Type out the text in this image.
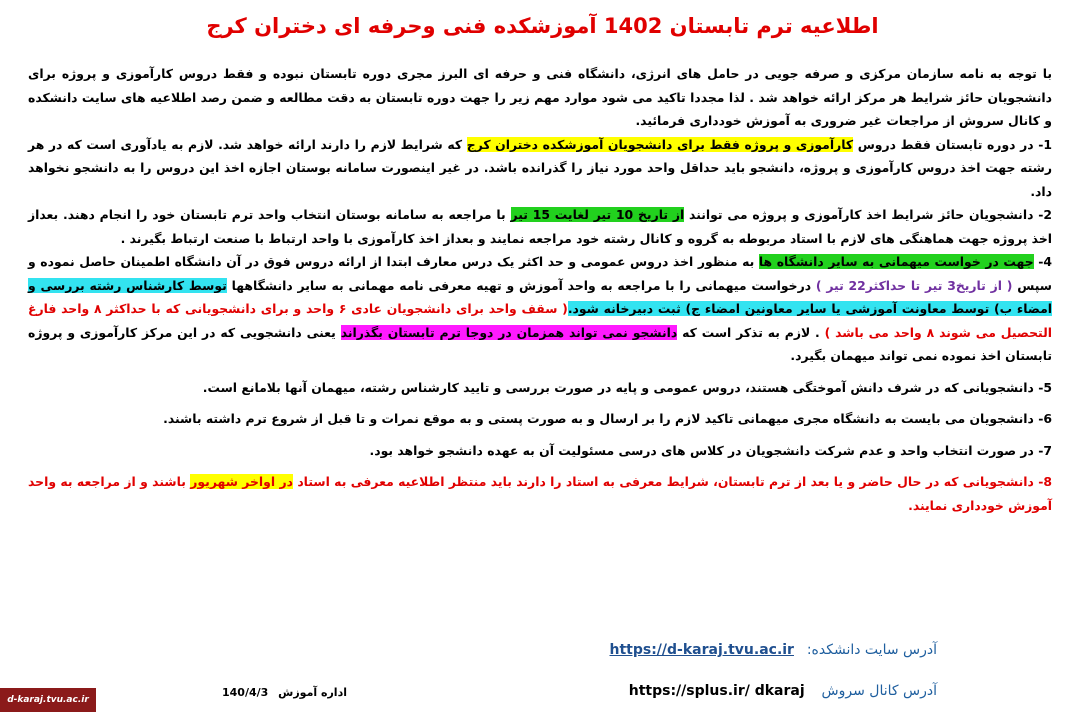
اطلاعیه ترم تابستان 1402 آموزشکده فنی وحرفه ای دختران کرج

با توجه به نامه سازمان مرکزی و صرفه جویی در حامل های انرژی، دانشگاه فنی و حرفه ای البرز مجری دوره تابستان نبوده و فقط دروس کارآموزی و پروژه برای دانشجویان حائز شرایط هر مرکز ارائه خواهد شد . لذا مجددا تاکید می شود موارد مهم زیر را جهت دوره تابستان به دقت مطالعه و ضمن رصد اطلاعیه های سایت دانشکده و کانال سروش از مراجعات غیر ضروری به آموزش خودداری فرمائید.

1- در دوره تابستان فقط دروس کارآموزی و پروژه فقط برای دانشجویان آموزشکده دختران کرج که شرایط لازم را دارند ارائه خواهد شد. لازم به یادآوری است که در هر رشته جهت اخذ دروس کارآموزی و پروژه، دانشجو باید حداقل واحد مورد نیاز را گذرانده باشد. در غیر اینصورت سامانه بوستان اجازه اخذ این دروس را به دانشجو نخواهد داد.

2- دانشجویان حائز شرایط اخذ کارآموزی و پروژه می توانند از تاریخ 10 تیر لغایت 15 تیر با مراجعه به سامانه بوستان انتخاب واحد ترم تابستان خود را انجام دهند. بعداز اخذ پروژه جهت هماهنگی های لازم با استاد مربوطه به گروه و کانال رشته خود مراجعه نمایند و بعداز اخذ کارآموزی با واحد ارتباط با صنعت ارتباط بگیرند .

4- جهت در خواست میهمانی به سایر دانشگاه ها به منظور اخذ دروس عمومی و حد اکثر یک درس معارف ابتدا از ارائه دروس فوق در آن دانشگاه اطمینان حاصل نموده و سپس ( از تاریخ3 تیر تا حداکثر22 تیر ) درخواست میهمانی را با مراجعه به واحد آموزش و تهیه معرفی نامه مهمانی به سایر دانشگاهها توسط کارشناس رشته بررسی و امضاء ب) توسط معاونت آموزشی یا سایر معاونین امضاء ج) ثبت دبیرخانه شود.( سقف واحد برای دانشجویان عادی ۶ واحد و برای دانشجویانی که با حداکثر ۸ واحد فارغ التحصیل می شوند ۸ واحد می باشد ) . لازم به تذکر است که دانشجو نمی تواند همزمان در دوجا ترم تابستان بگذراند یعنی دانشجویی که در این مرکز کارآموزی و پروژه تابستان اخذ نموده نمی تواند میهمان بگیرد.

5- دانشجویانی که در شرف دانش آموختگی هستند، دروس عمومی و پایه در صورت بررسی و تایید کارشناس رشته، میهمان آنها بلامانع است.

6- دانشجویان می بایست به دانشگاه مجری میهمانی تاکید لازم را بر ارسال و به صورت پستی و به موقع نمرات و تا قبل از شروع ترم داشته باشند.

7- در صورت انتخاب واحد و عدم شرکت دانشجویان در کلاس های درسی مسئولیت آن به عهده دانشجو خواهد بود.

8- دانشجویانی که در حال حاضر و یا بعد از ترم تابستان، شرایط معرفی به استاد را دارند باید منتظر اطلاعیه معرفی به استاد در اواخر شهریور باشند و از مراجعه به واحد آموزش خودداری نمایند.

آدرس سایت دانشکده: https://d-karaj.tvu.ac.ir
آدرس کانال سروش https://splus.ir/ dkaraj
اداره آموزش 140/4/3
d-karaj.tvu.ac.ir
